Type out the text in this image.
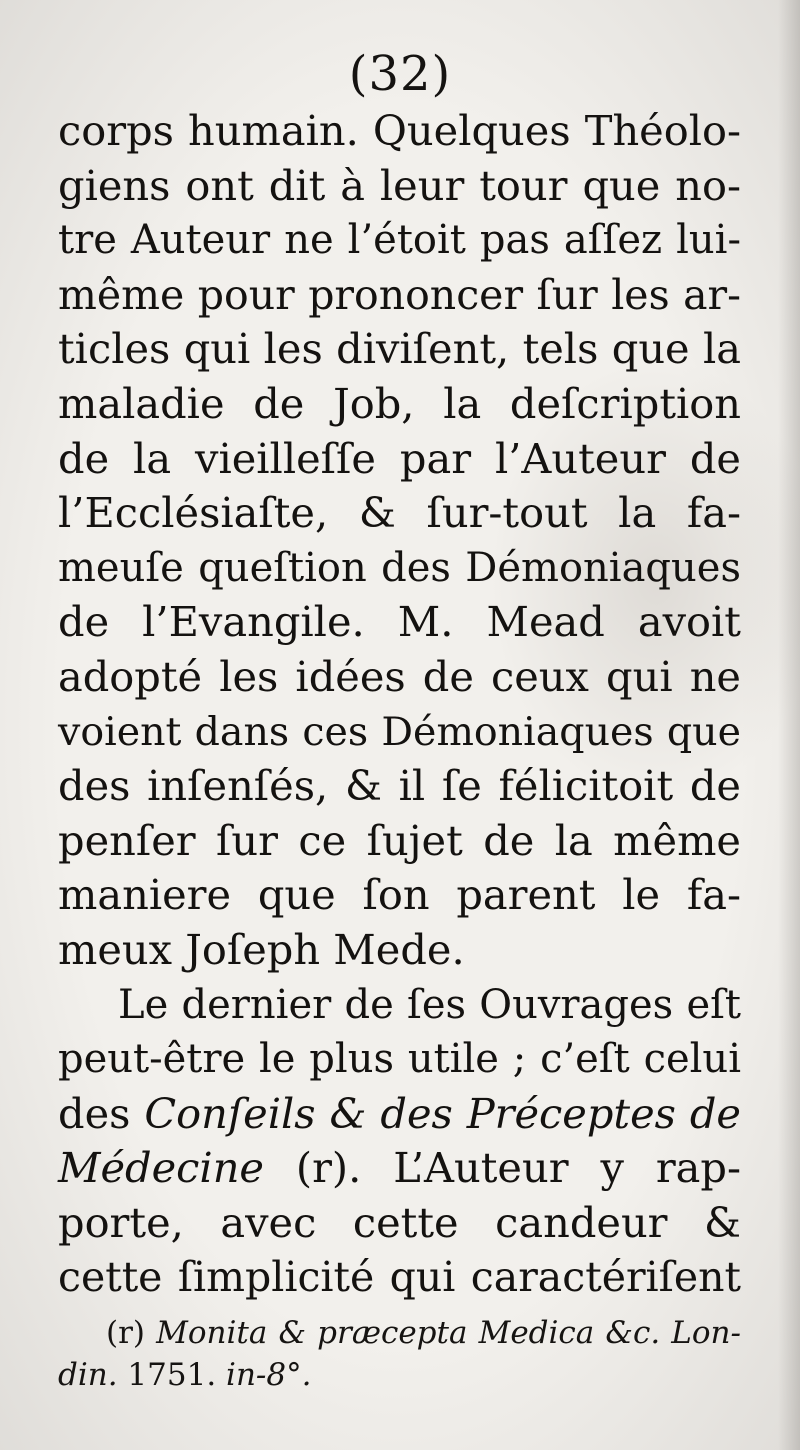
(32)
corps humain. Quelques Théolo-
giens ont dit à leur tour que no-
tre Auteur ne l’étoit pas aſſez lui-
même pour prononcer ſur les ar-
ticles qui les diviſent, tels que la
maladie de Job, la deſcription
de la vieilleſſe par l’Auteur de
l’Ecclésiaſte, & ſur-tout la fa-
meuſe queſtion des Démoniaques
de l’Evangile. M. Mead avoit
adopté les idées de ceux qui ne
voient dans ces Démoniaques que
des inſenſés, & il ſe félicitoit de
penſer ſur ce ſujet de la même
maniere que ſon parent le fa-
meux Joſeph Mede.
Le dernier de ſes Ouvrages eſt
peut-être le plus utile ; c’eſt celui
des Conſeils & des Préceptes de
Médecine (r). L’Auteur y rap-
porte, avec cette candeur &
cette ſimplicité qui caractériſent
(r) Monita & præcepta Medica &c. Lon-
din. 1751. in-8°.
